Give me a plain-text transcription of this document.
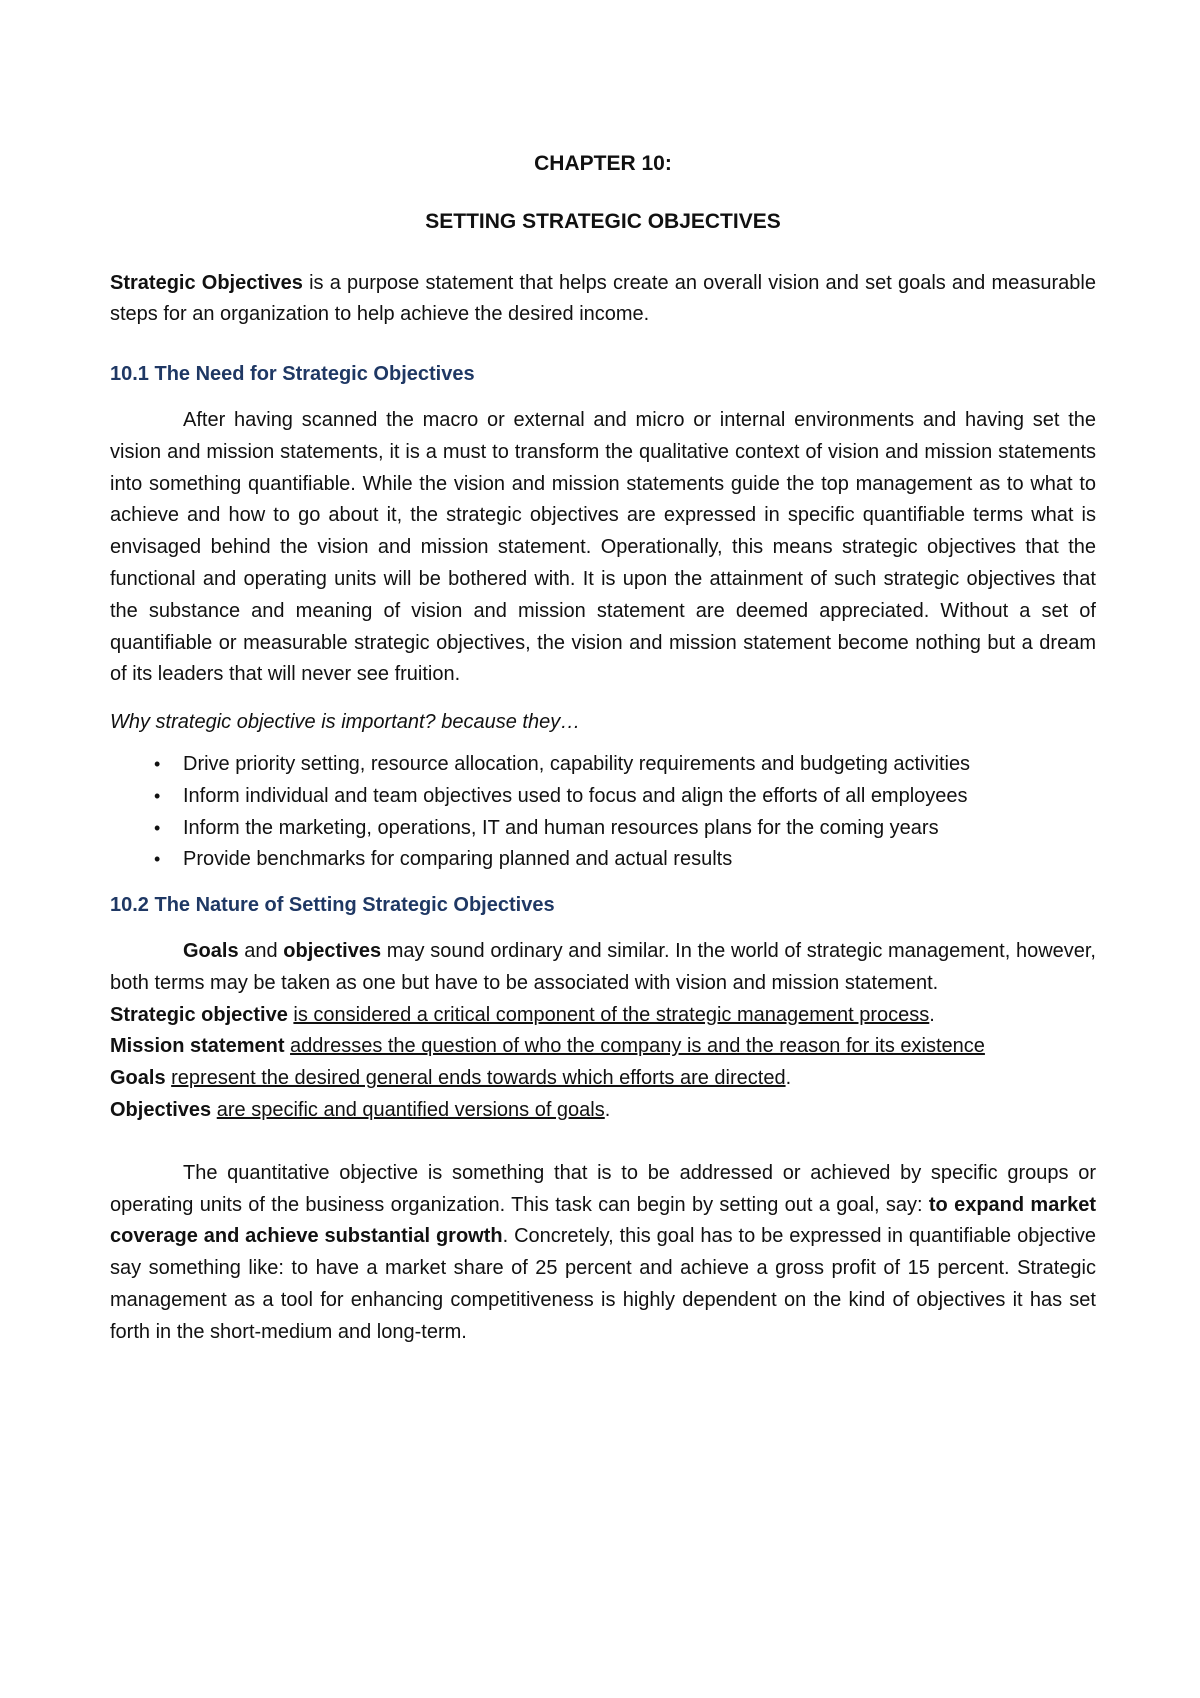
CHAPTER 10:

SETTING STRATEGIC OBJECTIVES

Strategic Objectives is a purpose statement that helps create an overall vision and set goals and measurable steps for an organization to help achieve the desired income.

10.1 The Need for Strategic Objectives

After having scanned the macro or external and micro or internal environments and having set the vision and mission statements, it is a must to transform the qualitative context of vision and mission statements into something quantifiable. While the vision and mission statements guide the top management as to what to achieve and how to go about it, the strategic objectives are expressed in specific quantifiable terms what is envisaged behind the vision and mission statement. Operationally, this means strategic objectives that the functional and operating units will be bothered with. It is upon the attainment of such strategic objectives that the substance and meaning of vision and mission statement are deemed appreciated. Without a set of quantifiable or measurable strategic objectives, the vision and mission statement become nothing but a dream of its leaders that will never see fruition.

Why strategic objective is important? because they…

• Drive priority setting, resource allocation, capability requirements and budgeting activities
• Inform individual and team objectives used to focus and align the efforts of all employees
• Inform the marketing, operations, IT and human resources plans for the coming years
• Provide benchmarks for comparing planned and actual results

10.2 The Nature of Setting Strategic Objectives

Goals and objectives may sound ordinary and similar. In the world of strategic management, however, both terms may be taken as one but have to be associated with vision and mission statement.

Strategic objective is considered a critical component of the strategic management process.

Mission statement addresses the question of who the company is and the reason for its existence

Goals represent the desired general ends towards which efforts are directed.

Objectives are specific and quantified versions of goals.

The quantitative objective is something that is to be addressed or achieved by specific groups or operating units of the business organization. This task can begin by setting out a goal, say: to expand market coverage and achieve substantial growth. Concretely, this goal has to be expressed in quantifiable objective say something like: to have a market share of 25 percent and achieve a gross profit of 15 percent. Strategic management as a tool for enhancing competitiveness is highly dependent on the kind of objectives it has set forth in the short-medium and long-term.
